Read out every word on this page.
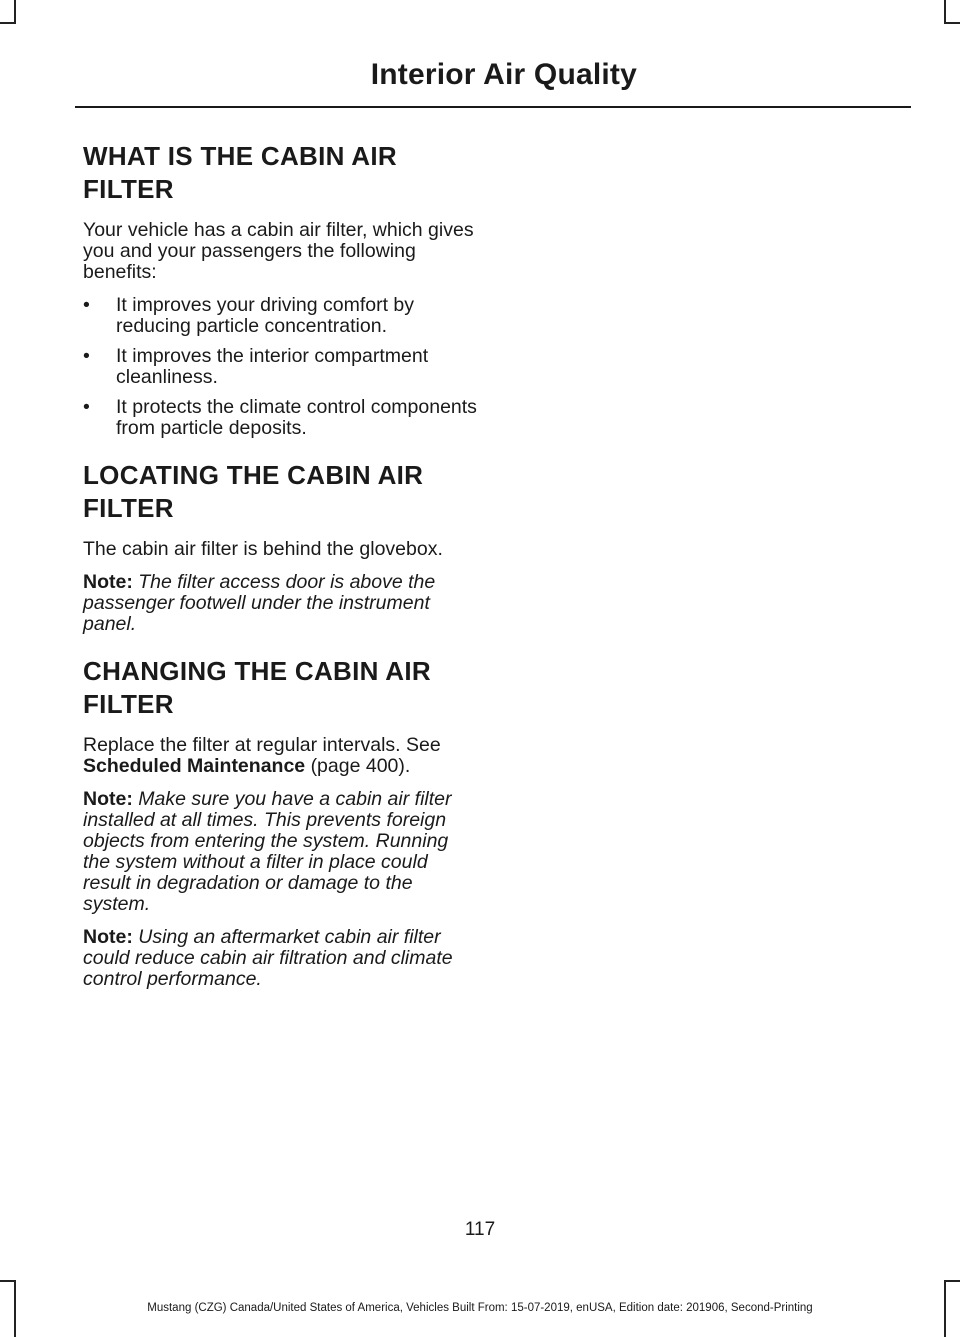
Interior Air Quality
WHAT IS THE CABIN AIR
FILTER

Your vehicle has a cabin air filter, which gives you and your passengers the following benefits:

• It improves your driving comfort by reducing particle concentration.
• It improves the interior compartment cleanliness.
• It protects the climate control components from particle deposits.
LOCATING THE CABIN AIR
FILTER

The cabin air filter is behind the glovebox.

Note: The filter access door is above the passenger footwell under the instrument panel.

CHANGING THE CABIN AIR
FILTER

Replace the filter at regular intervals. See Scheduled Maintenance (page 400).

Note: Make sure you have a cabin air filter installed at all times. This prevents foreign objects from entering the system. Running the system without a filter in place could result in degradation or damage to the system.

Note: Using an aftermarket cabin air filter could reduce cabin air filtration and climate control performance.

117
Mustang (CZG) Canada/United States of America, Vehicles Built From: 15-07-2019, enUSA, Edition date: 201906, Second-Printing
